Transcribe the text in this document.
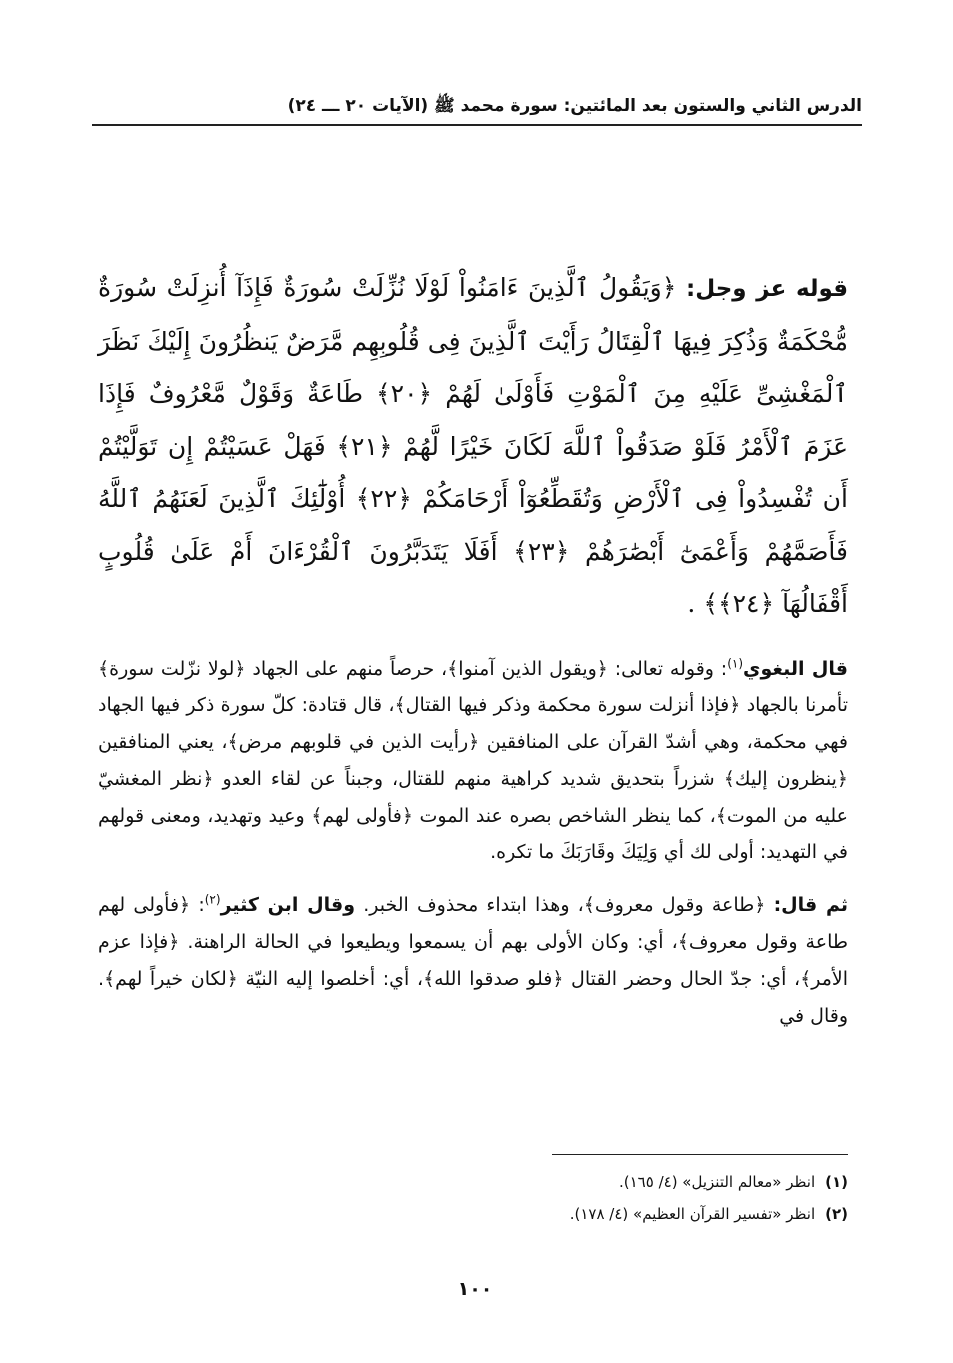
الدرس الثاني والستون بعد المائتين: سورة محمد ﷺ (الآيات ٢٠ ـــ ٢٤)

قوله عز وجل: ﴿وَيَقُولُ ٱلَّذِينَ ءَامَنُواْ لَوْلَا نُزِّلَتْ سُورَةٌ فَإِذَآ أُنزِلَتْ سُورَةٌ مُّحْكَمَةٌ وَذُكِرَ فِيهَا ٱلْقِتَالُ رَأَيْتَ ٱلَّذِينَ فِى قُلُوبِهِم مَّرَضٌ يَنظُرُونَ إِلَيْكَ نَظَرَ ٱلْمَغْشِىِّ عَلَيْهِ مِنَ ٱلْمَوْتِ فَأَوْلَىٰ لَهُمْ ﴿٢٠﴾ طَاعَةٌ وَقَوْلٌ مَّعْرُوفٌ فَإِذَا عَزَمَ ٱلْأَمْرُ فَلَوْ صَدَقُواْ ٱللَّهَ لَكَانَ خَيْرًا لَّهُمْ ﴿٢١﴾ فَهَلْ عَسَيْتُمْ إِن تَوَلَّيْتُمْ أَن تُفْسِدُواْ فِى ٱلْأَرْضِ وَتُقَطِّعُوٓاْ أَرْحَامَكُمْ ﴿٢٢﴾ أُوْلَٰٓئِكَ ٱلَّذِينَ لَعَنَهُمُ ٱللَّهُ فَأَصَمَّهُمْ وَأَعْمَىٰٓ أَبْصَٰرَهُمْ ﴿٢٣﴾ أَفَلَا يَتَدَبَّرُونَ ٱلْقُرْءَانَ أَمْ عَلَىٰ قُلُوبٍ أَقْفَالُهَآ ﴿٢٤﴾﴾ .

قال البغوي$^{(١)}$: وقوله تعالى: ﴿ويقول الذين آمنوا﴾، حرصاً منهم على الجهاد ﴿لولا نزّلت سورة﴾ تأمرنا بالجهاد ﴿فإذا أنزلت سورة محكمة وذكر فيها القتال﴾، قال قتادة: كلّ سورة ذكر فيها الجهاد فهي محكمة، وهي أشدّ القرآن على المنافقين ﴿رأيت الذين في قلوبهم مرض﴾، يعني المنافقين ﴿ينظرون إليك﴾ شزراً بتحديق شديد كراهية منهم للقتال، وجبناً عن لقاء العدو ﴿نظر المغشيّ عليه من الموت﴾، كما ينظر الشاخص بصره عند الموت ﴿فأولى لهم﴾ وعيد وتهديد، ومعنى قولهم في التهديد: أولى لك أي وَلِيَكَ وقَارَبَكَ ما تكره.

ثم قال: ﴿طاعة وقول معروف﴾، وهذا ابتداء محذوف الخبر. وقال ابن كثير$^{(٢)}$: ﴿فأولى لهم طاعة وقول معروف﴾، أي: وكان الأولى بهم أن يسمعوا ويطيعوا في الحالة الراهنة. ﴿فإذا عزم الأمر﴾، أي: جدّ الحال وحضر القتال ﴿فلو صدقوا الله﴾، أي: أخلصوا إليه النيّة ﴿لكان خيراً لهم﴾. وقال في

(١)انظر «معالم التنزيل» (٤/ ١٦٥).
(٢)انظر «تفسير القرآن العظيم» (٤/ ١٧٨).
١٠٠
